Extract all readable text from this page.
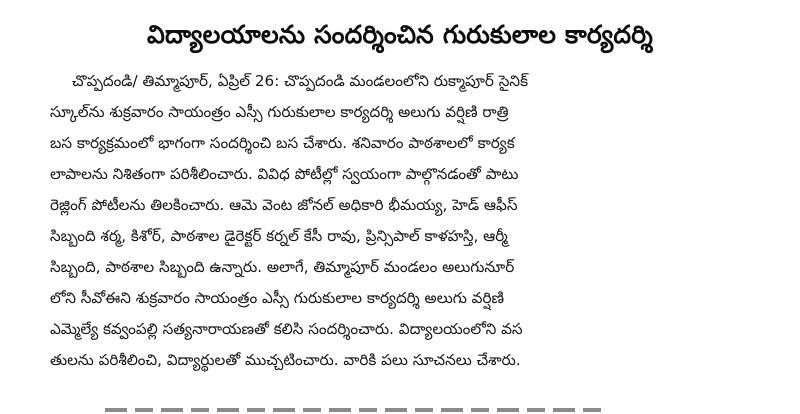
విద్యాలయాలను సందర్శించిన గురుకులాల కార్యదర్శి
చొప్పదండి/ తిమ్మాపూర్, ఏప్రిల్ 26: చొప్పదండి మండలంలోని రుక్మాపూర్ సైనిక్
స్కూల్‌ను శుక్రవారం సాయంత్రం ఎస్సీ గురుకులాల కార్యదర్శి అలుగు వర్షిణి రాత్రి
బస కార్యక్రమంలో భాగంగా సందర్శించి బస చేశారు. శనివారం పాఠశాలలో కార్యక
లాపాలను నిశితంగా పరిశీలించారు. వివిధ పోటీల్లో స్వయంగా పాల్గొనడంతో పాటు
రెజ్లింగ్ పోటీలను తిలకించారు. ఆమె వెంట జోనల్ అధికారి భీమయ్య, హెడ్ ఆఫీస్
సిబ్బంది శర్మ, కిశోర్, పాఠశాల డైరెక్టర్ కర్నల్ కేసీ రావు, ప్రిన్సిపాల్ కాళహస్తి, ఆర్మీ
సిబ్బంది, పాఠశాల సిబ్బంది ఉన్నారు. అలాగే, తిమ్మాపూర్ మండలం అలుగునూర్
లోని సీవోఈని శుక్రవారం సాయంత్రం ఎస్సీ గురుకులాల కార్యదర్శి అలుగు వర్షిణి
ఎమ్మెల్యే కవ్వంపల్లి సత్యనారాయణతో కలిసి సందర్శించారు. విద్యాలయంలోని వస
తులను పరిశీలించి, విద్యార్థులతో ముచ్చటించారు. వారికి పలు సూచనలు చేశారు.
